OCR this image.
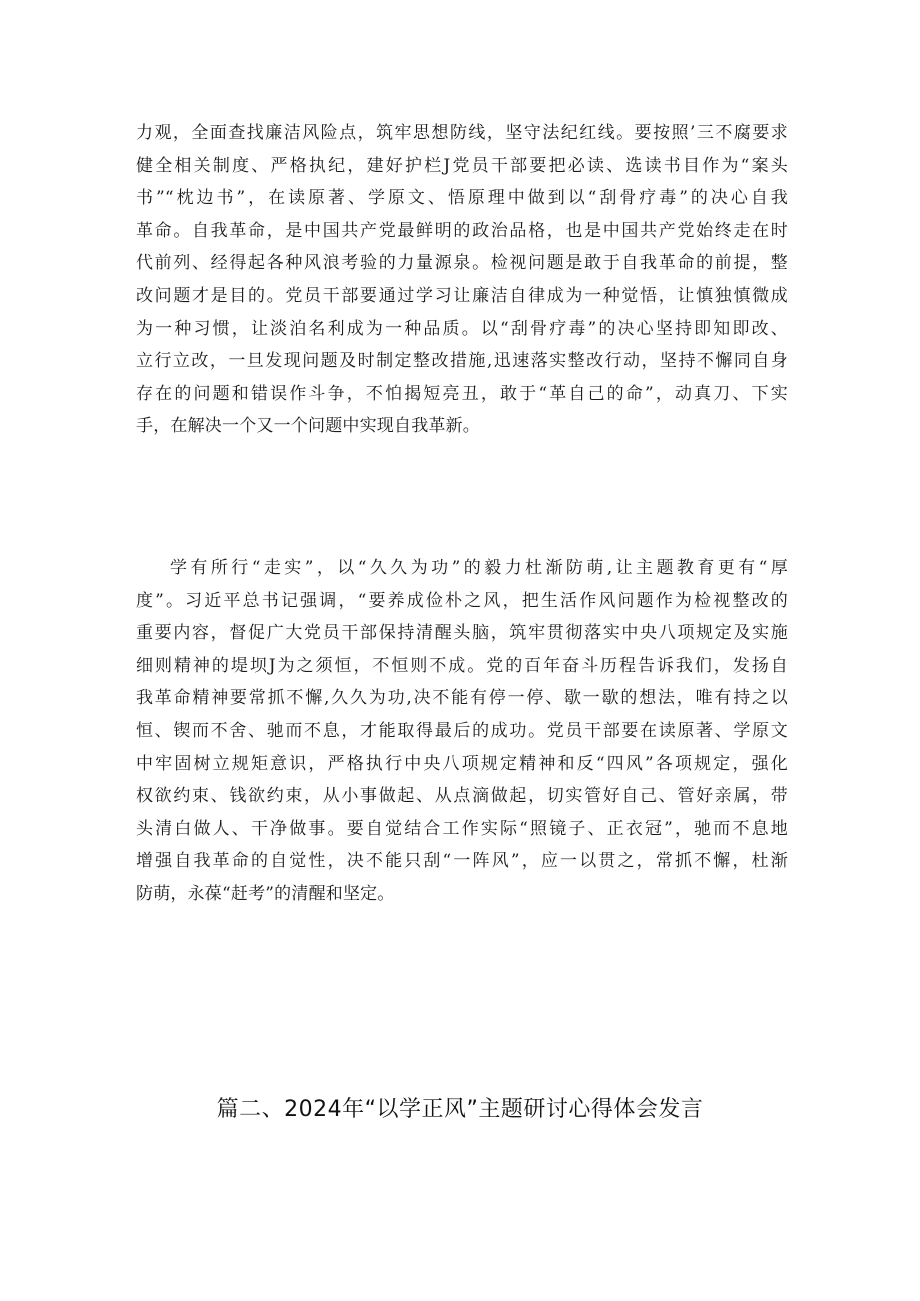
力观，全面查找廉洁风险点，筑牢思想防线，坚守法纪红线。要按照’三不腐要求
健全相关制度、严格执纪，建好护栏J党员干部要把必读、选读书目作为“案头
书”“枕边书”，在读原著、学原文、悟原理中做到以“刮骨疗毒”的决心自我
革命。自我革命，是中国共产党最鲜明的政治品格，也是中国共产党始终走在时
代前列、经得起各种风浪考验的力量源泉。检视问题是敢于自我革命的前提，整
改问题才是目的。党员干部要通过学习让廉洁自律成为一种觉悟，让慎独慎微成
为一种习惯，让淡泊名利成为一种品质。以“刮骨疗毒”的决心坚持即知即改、
立行立改，一旦发现问题及时制定整改措施,迅速落实整改行动，坚持不懈同自身
存在的问题和错误作斗争，不怕揭短亮丑，敢于“革自己的命”，动真刀、下实
手，在解决一个又一个问题中实现自我革新。
学有所行“走实”，以“久久为功”的毅力杜渐防萌,让主题教育更有“厚
度”。习近平总书记强调，“要养成俭朴之风，把生活作风问题作为检视整改的
重要内容，督促广大党员干部保持清醒头脑，筑牢贯彻落实中央八项规定及实施
细则精神的堤坝J为之须恒，不恒则不成。党的百年奋斗历程告诉我们，发扬自
我革命精神要常抓不懈,久久为功,决不能有停一停、歇一歇的想法，唯有持之以
恒、锲而不舍、驰而不息，才能取得最后的成功。党员干部要在读原著、学原文
中牢固树立规矩意识，严格执行中央八项规定精神和反“四风”各项规定，强化
权欲约束、钱欲约束，从小事做起、从点滴做起，切实管好自己、管好亲属，带
头清白做人、干净做事。要自觉结合工作实际“照镜子、正衣冠”，驰而不息地
增强自我革命的自觉性，决不能只刮“一阵风”，应一以贯之，常抓不懈，杜渐
防萌，永葆“赶考”的清醒和坚定。
篇二、2024年“以学正风”主题研讨心得体会发言
